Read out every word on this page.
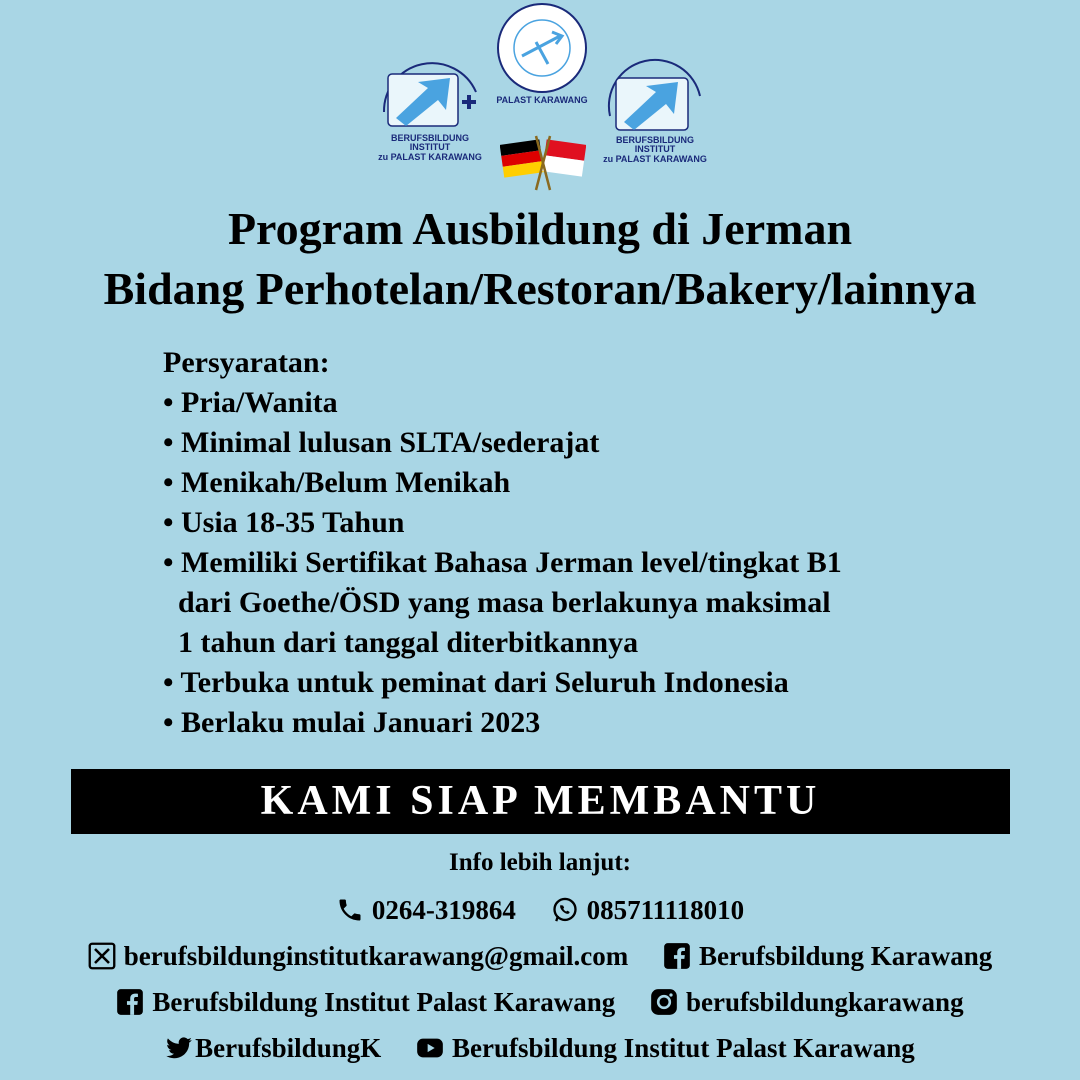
BERUFSBILDUNG INSTITUT
zu PALAST KARAWANG
PALAST KARAWANG
BERUFSBILDUNG INSTITUT
zu PALAST KARAWANG
Program Ausbildung di Jerman
Bidang Perhotelan/Restoran/Bakery/lainnya
Persyaratan:
• Pria/Wanita
• Minimal lulusan SLTA/sederajat
• Menikah/Belum Menikah
• Usia 18-35 Tahun
• Memiliki Sertifikat Bahasa Jerman level/tingkat B1
dari Goethe/ÖSD yang masa berlakunya maksimal
1 tahun dari tanggal diterbitkannya
• Terbuka untuk peminat dari Seluruh Indonesia
• Berlaku mulai Januari 2023
KAMI SIAP MEMBANTU
Info lebih lanjut:
0264-319864
	085711118010
berufsbildunginstitutkarawang@gmail.com
	Berufsbildung Karawang
Berufsbildung Institut Palast Karawang
	berufsbildungkarawang
BerufsbildungK
	Berufsbildung Institut Palast Karawang
